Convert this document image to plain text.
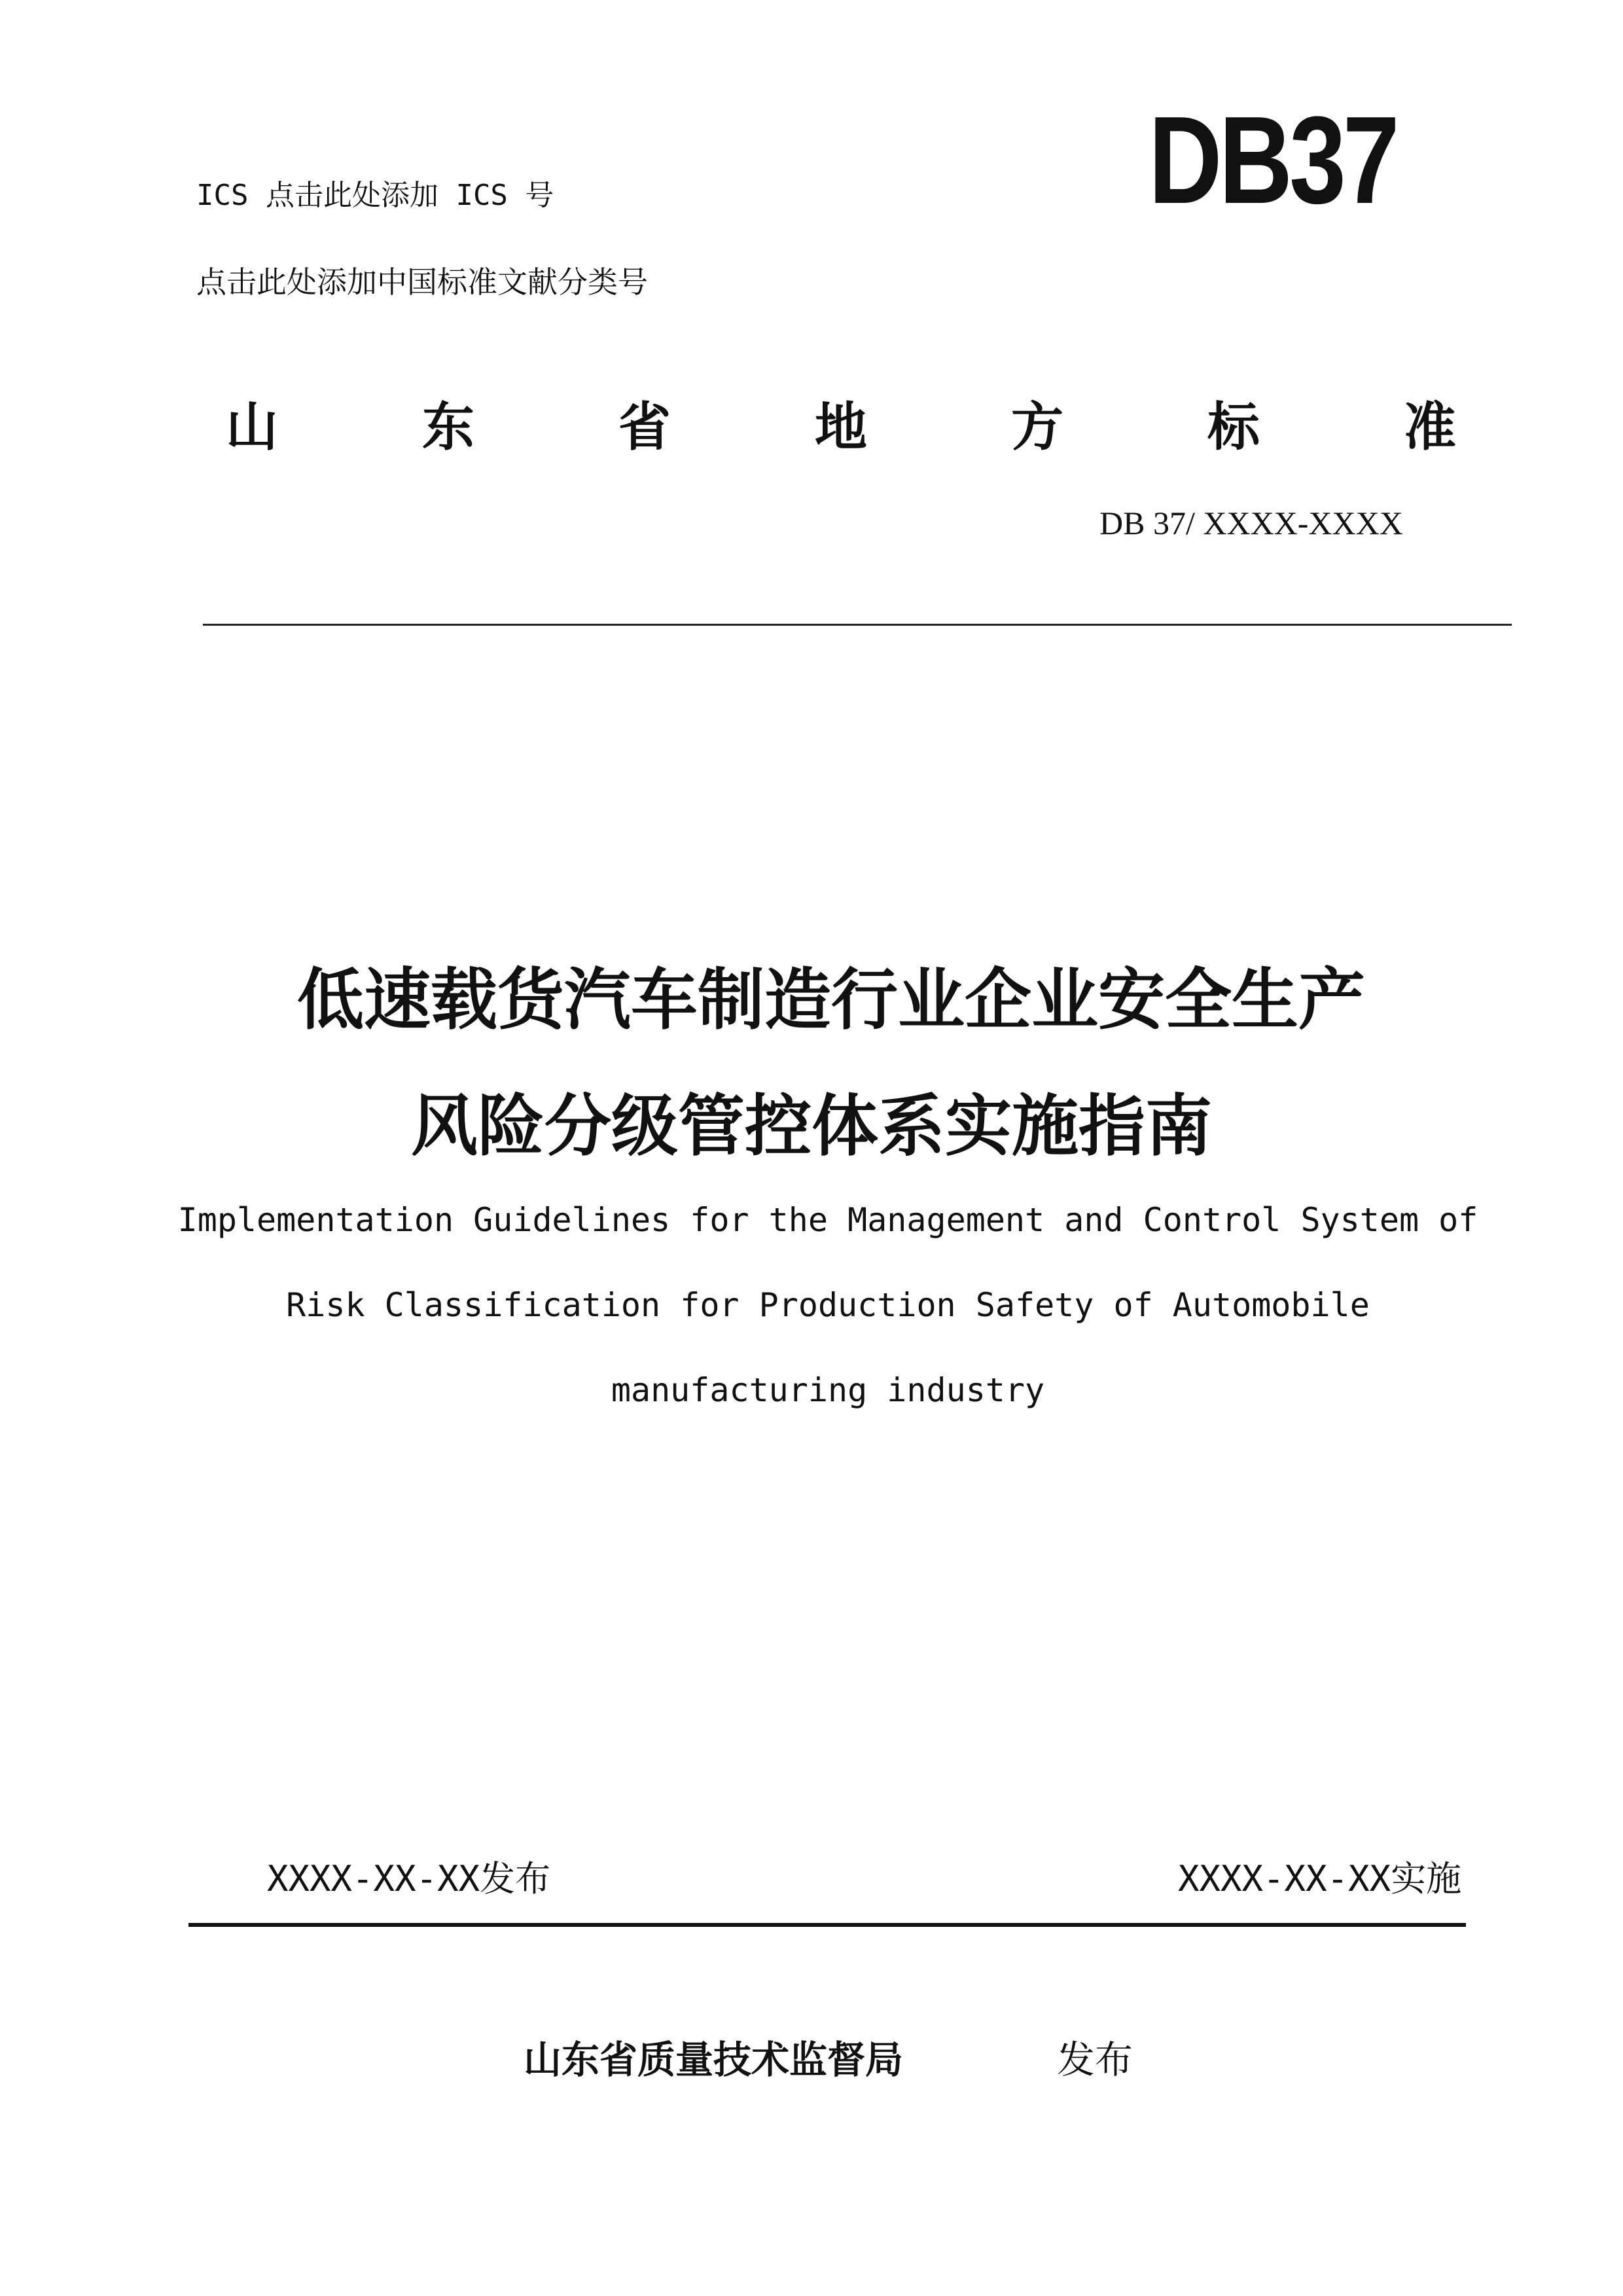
ICS 点击此处添加 ICS 号
点击此处添加中国标准文献分类号
DB37
山	东	省	地	方	标	准
DB 37/ XXXX-XXXX
低速载货汽车制造行业企业安全生产
风险分级管控体系实施指南
Implementation Guidelines for the Management and Control System of
Risk Classification for Production Safety of Automobile
manufacturing industry
XXXX-XX-XX发布	XXXX-XX-XX实施
山东省质量技术监督局	发布
